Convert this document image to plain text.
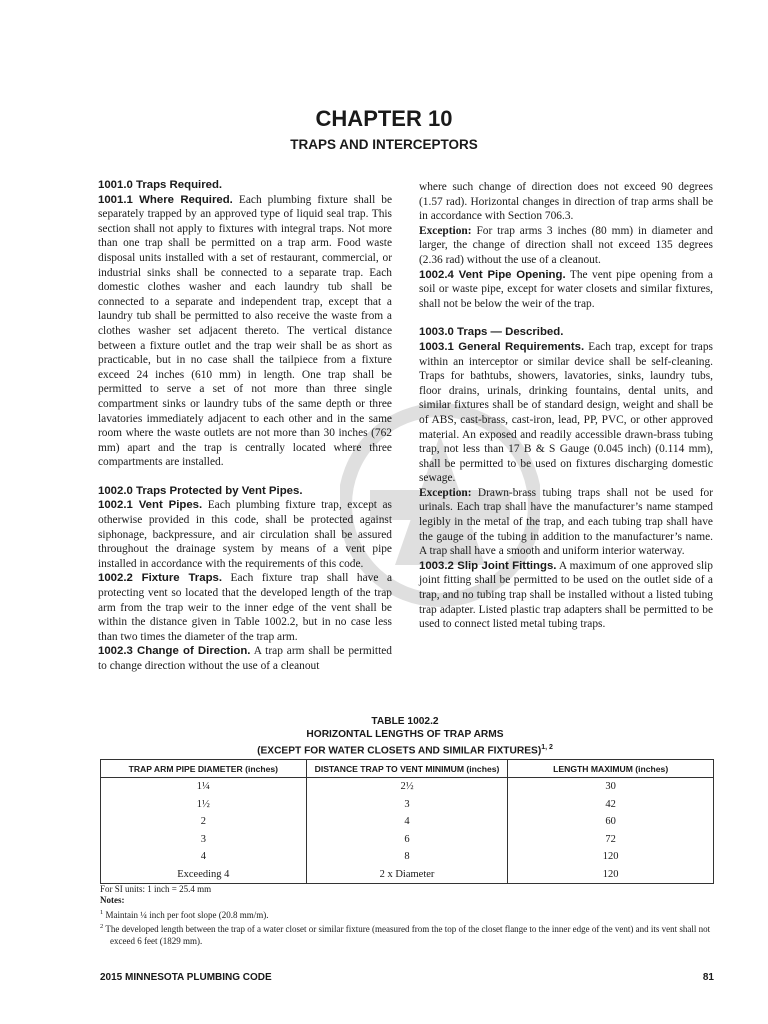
CHAPTER 10
TRAPS AND INTERCEPTORS

1001.0 Traps Required.

1001.1 Where Required. Each plumbing fixture shall be separately trapped by an approved type of liquid seal trap. This section shall not apply to fixtures with integral traps. Not more than one trap shall be permitted on a trap arm. Food waste disposal units installed with a set of restaurant, commercial, or industrial sinks shall be connected to a separate trap. Each domestic clothes washer and each laundry tub shall be connected to a separate and independent trap, except that a laundry tub shall be permitted to also receive the waste from a clothes washer set adjacent thereto. The vertical distance between a fixture outlet and the trap weir shall be as short as practicable, but in no case shall the tailpiece from a fixture exceed 24 inches (610 mm) in length. One trap shall be permitted to serve a set of not more than three single compartment sinks or laundry tubs of the same depth or three lavatories immediately adjacent to each other and in the same room where the waste outlets are not more than 30 inches (762 mm) apart and the trap is centrally located where three compartments are installed.

1002.0 Traps Protected by Vent Pipes.

1002.1 Vent Pipes. Each plumbing fixture trap, except as otherwise provided in this code, shall be protected against siphonage, backpressure, and air circulation shall be assured throughout the drainage system by means of a vent pipe installed in accordance with the requirements of this code.

1002.2 Fixture Traps. Each fixture trap shall have a protecting vent so located that the developed length of the trap arm from the trap weir to the inner edge of the vent shall be within the distance given in Table 1002.2, but in no case less than two times the diameter of the trap arm.

1002.3 Change of Direction. A trap arm shall be permitted to change direction without the use of a cleanout

where such change of direction does not exceed 90 degrees (1.57 rad). Horizontal changes in direction of trap arms shall be in accordance with Section 706.3.

Exception: For trap arms 3 inches (80 mm) in diameter and larger, the change of direction shall not exceed 135 degrees (2.36 rad) without the use of a cleanout.

1002.4 Vent Pipe Opening. The vent pipe opening from a soil or waste pipe, except for water closets and similar fixtures, shall not be below the weir of the trap.

1003.0 Traps — Described.

1003.1 General Requirements. Each trap, except for traps within an interceptor or similar device shall be self-cleaning. Traps for bathtubs, showers, lavatories, sinks, laundry tubs, floor drains, urinals, drinking fountains, dental units, and similar fixtures shall be of standard design, weight and shall be of ABS, cast-brass, cast-iron, lead, PP, PVC, or other approved material. An exposed and readily accessible drawn-brass tubing trap, not less than 17 B & S Gauge (0.045 inch) (0.114 mm), shall be permitted to be used on fixtures discharging domestic sewage.

Exception: Drawn-brass tubing traps shall not be used for urinals. Each trap shall have the manufacturer’s name stamped legibly in the metal of the trap, and each tubing trap shall have the gauge of the tubing in addition to the manufacturer’s name. A trap shall have a smooth and uniform interior waterway.

1003.2 Slip Joint Fittings. A maximum of one approved slip joint fitting shall be permitted to be used on the outlet side of a trap, and no tubing trap shall be installed without a listed tubing trap adapter. Listed plastic trap adapters shall be permitted to be used to connect listed metal tubing traps.

TABLE 1002.2
HORIZONTAL LENGTHS OF TRAP ARMS
(EXCEPT FOR WATER CLOSETS AND SIMILAR FIXTURES)$^{1, 2}$
TRAP ARM PIPE DIAMETER (inches)	DISTANCE TRAP TO VENT MINIMUM (inches)	LENGTH MAXIMUM (inches)
1¼	2½	30
1½	3	42
2	4	60
3	6	72
4	8	120
Exceeding 4	2 x Diameter	120

For SI units: 1 inch = 25.4 mm

Notes:

$^1$ Maintain ¼ inch per foot slope (20.8 mm/m).

$^2$ The developed length between the trap of a water closet or similar fixture (measured from the top of the closet flange to the inner edge of the vent) and its vent shall not exceed 6 feet (1829 mm).

2015 MINNESOTA PLUMBING CODE	81
